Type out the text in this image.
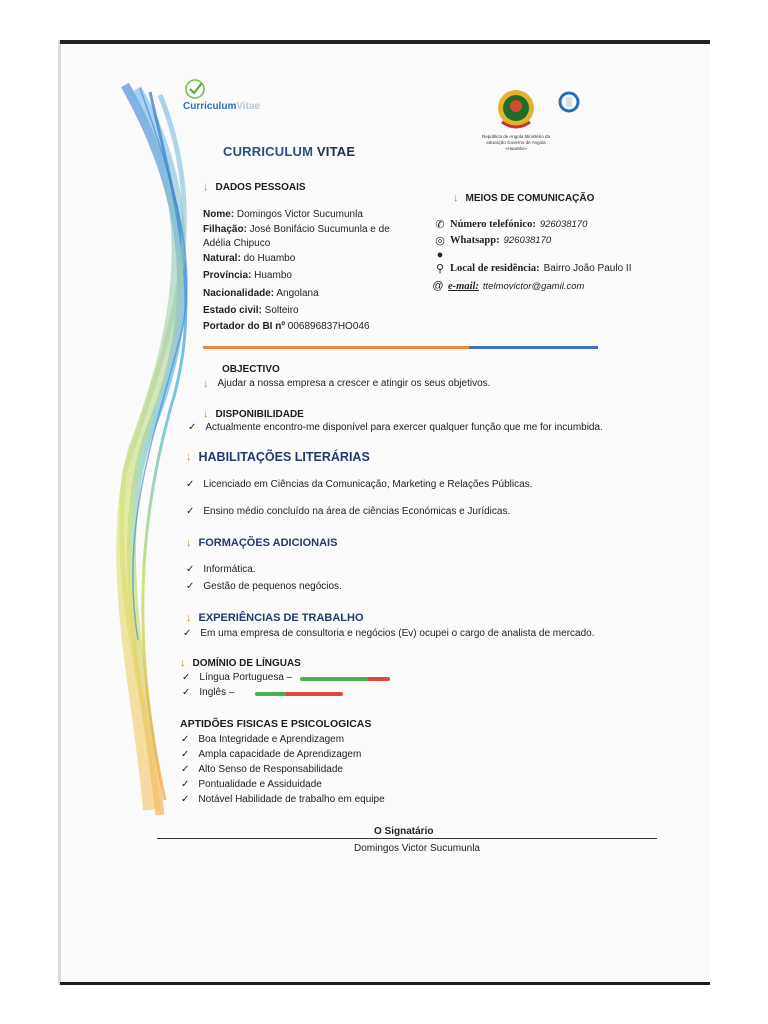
CurriculumVitae
República de Angola Ministério da educação Governo de Angola «Huambo»
CURRICULUM VITAE
↓ DADOS PESSOAIS
Nome: Domingos Victor Sucumunla
Filhação: José Bonifácio Sucumunla e de
Adélia Chipuco
Natural: do Huambo
Província: Huambo
Nacionalidade: Angolana
Estado civil: Solteiro
Portador do BI nº 006896837HO046
↓ MEIOS DE COMUNICAÇÃO
✆ Número telefónico: 926038170
◎ Whatsapp: 926038170
●
⚲ Local de residência: Bairro João Paulo II
@ e-mail: ttelmovictor@gamil.com
OBJECTIVO
↓ Ajudar a nossa empresa a crescer e atingir os seus objetivos.
↓ DISPONIBILIDADE
✓ Actualmente encontro-me disponível para exercer qualquer função que me for incumbida.
↓ HABILITAÇÕES LITERÁRIAS
✓ Licenciado em Ciências da Comunicação, Marketing e Relações Públicas.
✓ Ensino médio concluído na área de ciências Económicas e Jurídicas.
↓ FORMAÇÕES ADICIONAIS
✓ Informática.
✓ Gestão de pequenos negócios.
↓ EXPERIÊNCIAS DE TRABALHO
✓ Em uma empresa de consultoria e negócios (Ev) ocupei o cargo de analista de mercado.
↓ DOMÍNIO DE LÍNGUAS
✓ Língua Portuguesa –
✓ Inglês –
APTIDÕES FISICAS E PSICOLOGICAS
✓ Boa Integridade e Aprendizagem
✓ Ampla capacidade de Aprendizagem
✓ Alto Senso de Responsabilidade
✓ Pontualidade e Assiduidade
✓ Notável Habilidade de trabalho em equipe
O Signatário
Domingos Victor Sucumunla
